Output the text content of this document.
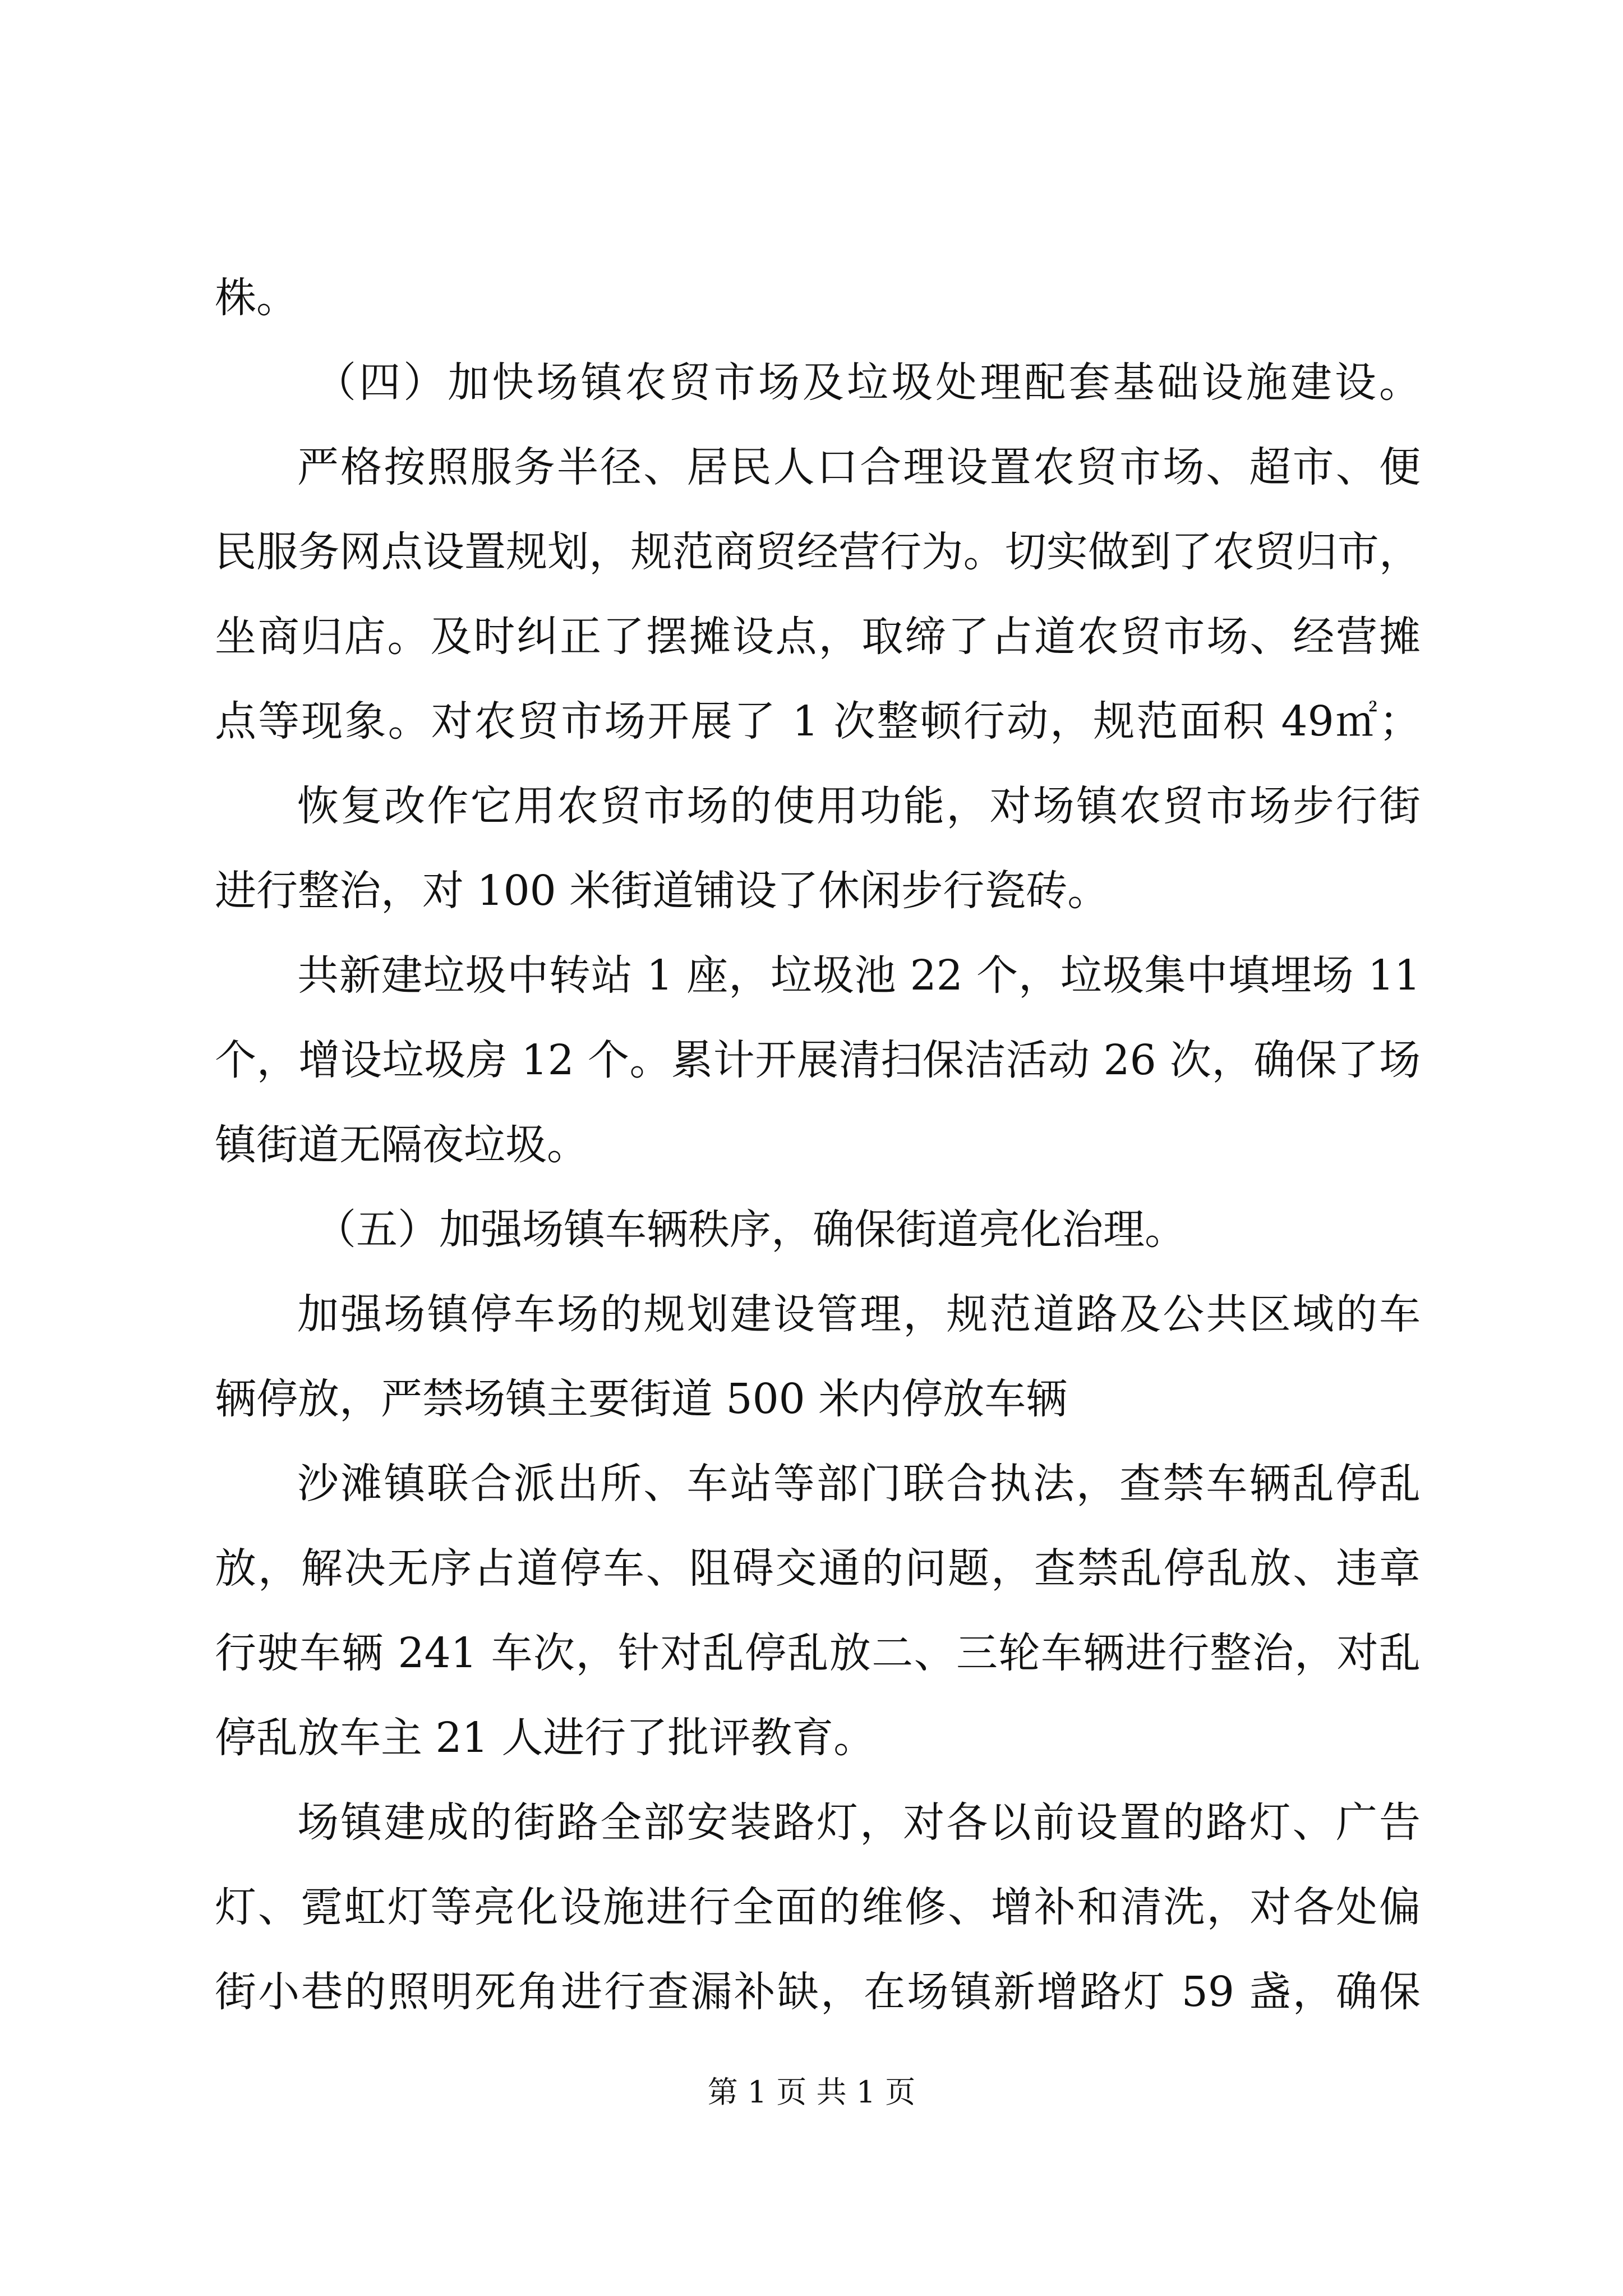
株。
（四）加快场镇农贸市场及垃圾处理配套基础设施建设。
严格按照服务半径、居民人口合理设置农贸市场、超市、便
民服务网点设置规划，规范商贸经营行为。切实做到了农贸归市，
坐商归店。及时纠正了摆摊设点，取缔了占道农贸市场、经营摊
点等现象。对农贸市场开展了 1 次整顿行动，规范面积 49㎡；
恢复改作它用农贸市场的使用功能，对场镇农贸市场步行街
进行整治，对 100 米街道铺设了休闲步行瓷砖。
共新建垃圾中转站 1 座，垃圾池 22 个，垃圾集中填埋场 11
个，增设垃圾房 12 个。累计开展清扫保洁活动 26 次，确保了场
镇街道无隔夜垃圾。
（五）加强场镇车辆秩序，确保街道亮化治理。
加强场镇停车场的规划建设管理，规范道路及公共区域的车
辆停放，严禁场镇主要街道 500 米内停放车辆
沙滩镇联合派出所、车站等部门联合执法，查禁车辆乱停乱
放，解决无序占道停车、阻碍交通的问题，查禁乱停乱放、违章
行驶车辆 241 车次，针对乱停乱放二、三轮车辆进行整治，对乱
停乱放车主 21 人进行了批评教育。
场镇建成的街路全部安装路灯，对各以前设置的路灯、广告
灯、霓虹灯等亮化设施进行全面的维修、增补和清洗，对各处偏
街小巷的照明死角进行查漏补缺，在场镇新增路灯 59 盏，确保
第 1 页 共 1 页
